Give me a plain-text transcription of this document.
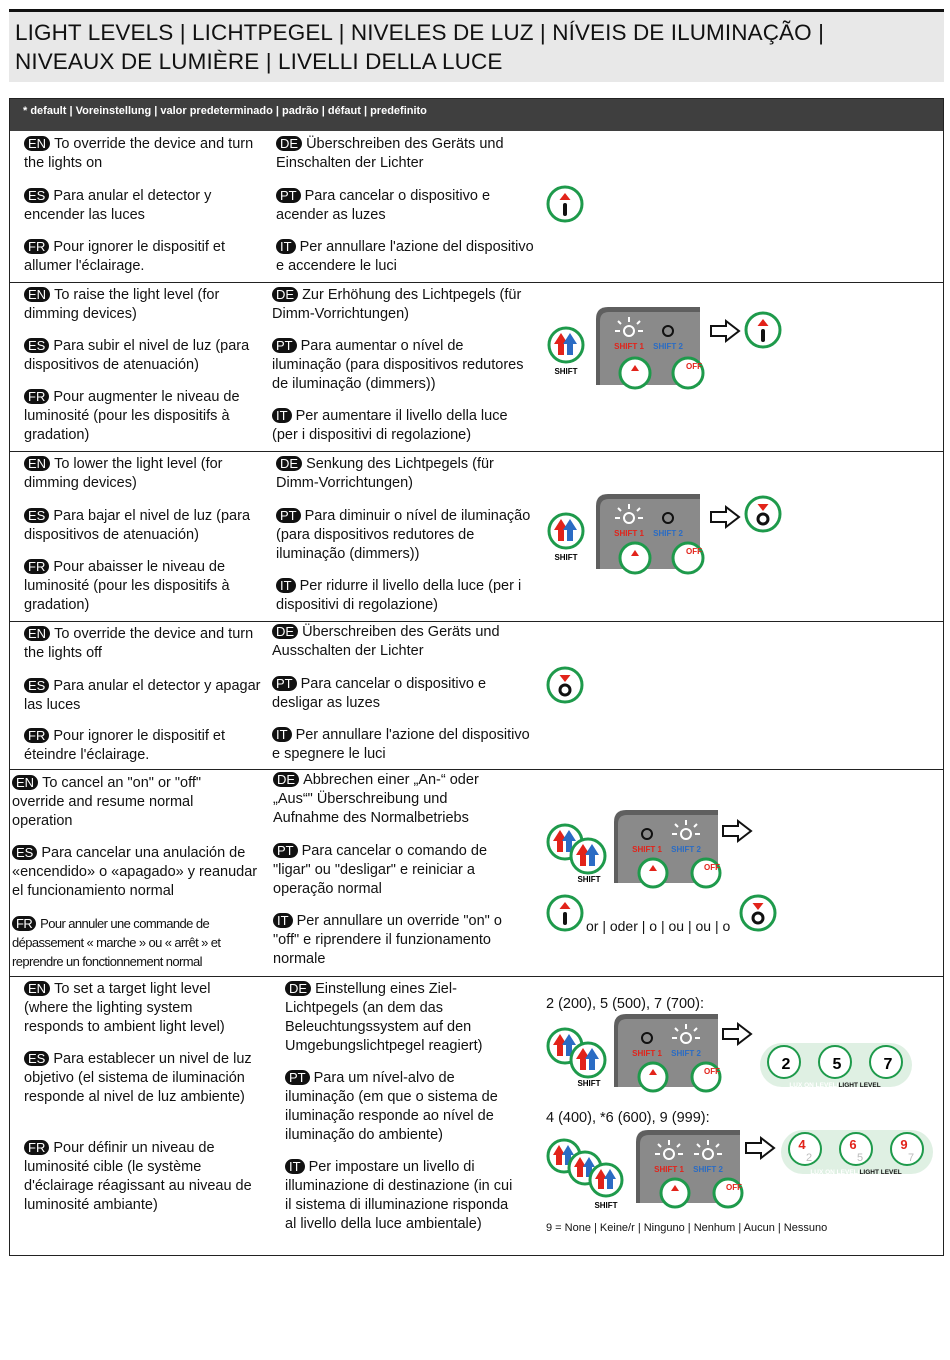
LIGHT LEVELS | LICHTPEGEL | NIVELES DE LUZ | NÍVEIS DE ILUMINAÇÃO |
NIVEAUX DE LUMIÈRE | LIVELLI DELLA LUCE
* default | Voreinstellung | valor predeterminado | padrão | défaut | predefinito
EN To override the device and turn the lights on
ES Para anular el detector y encender las luces
FR Pour ignorer le dispositif et allumer l'éclairage.
DE Überschreiben des Geräts und Einschalten der Lichter
PT Para cancelar o dispositivo e acender as luzes
IT Per annullare l'azione del dispositivo e accendere le luci
EN To raise the light level (for dimming devices)
ES Para subir el nivel de luz (para dispositivos de atenuación)
FR Pour augmenter le niveau de luminosité (pour les dispositifs à gradation)
DE Zur Erhöhung des Lichtpegels (für Dimm-Vorrichtungen)
PT Para aumentar o nível de iluminação (para dispositivos redutores de iluminação (dimmers))
IT Per aumentare il livello della luce (per i dispositivi di regolazione)
SHIFT
SHIFT 1 SHIFT 2
OFF
EN To lower the light level (for dimming devices)
ES Para bajar el nivel de luz (para dispositivos de atenuación)
FR Pour abaisser le niveau de luminosité (pour les dispositifs à gradation)
DE Senkung des Lichtpegels (für Dimm-Vorrichtungen)
PT Para diminuir o nível de iluminação (para dispositivos redutores de iluminação (dimmers))
IT Per ridurre il livello della luce (per i dispositivi di regolazione)
SHIFT
SHIFT 1 SHIFT 2
OFF
EN To override the device and turn the lights off
ES Para anular el detector y apagar las luces
FR Pour ignorer le dispositif et éteindre l'éclairage.
DE Überschreiben des Geräts und Ausschalten der Lichter
PT Para cancelar o dispositivo e desligar as luzes
IT Per annullare l'azione del dispositivo e spegnere le luci
EN To cancel an "on" or "off" override and resume normal operation
ES Para cancelar una anulación de «encendido» o «apagado» y reanudar el funcionamiento normal
FR Pour annuler une commande de dépassement « marche » ou « arrêt » et reprendre un fonctionnement normal
DE Abbrechen einer „An-“ oder „Aus“" Überschreibung und Aufnahme des Normalbetriebs
PT Para cancelar o comando de "ligar" ou "desligar" e reiniciar a operação normal
IT Per annullare un override "on" o "off" e riprendere il funzionamento normale
SHIFT
SHIFT 1 SHIFT 2
OFF
or | oder | o | ou | ou | o
EN To set a target light level (where the lighting system responds to ambient light level)
ES Para establecer un nivel de luz objetivo (el sistema de iluminación responde al nivel de luz ambiente)
FR Pour définir un niveau de luminosité cible (le système d'éclairage réagissant au niveau de luminosité ambiante)
DE Einstellung eines Ziel-Lichtpegels (an dem das Beleuchtungssystem auf den Umgebungslichtpegel reagiert)
PT Para um nível-alvo de iluminação (em que o sistema de iluminação responde ao nível de iluminação do ambiente)
IT Per impostare un livello di illuminazione di destinazione (in cui il sistema di illuminazione risponda al livello della luce ambientale)
2 (200), 5 (500), 7 (700):
SHIFT
SHIFT 1 SHIFT 2
OFF	2	5	7
LUX ON LEVEL/LIGHT LEVEL
4 (400), *6 (600), 9 (999):
SHIFT
SHIFT 1 SHIFT 2
OFF
4
2
6
5
9
7
LUX ON LEVEL/LIGHT LEVEL
9 = None | Keine/r | Ninguno | Nenhum | Aucun | Nessuno
